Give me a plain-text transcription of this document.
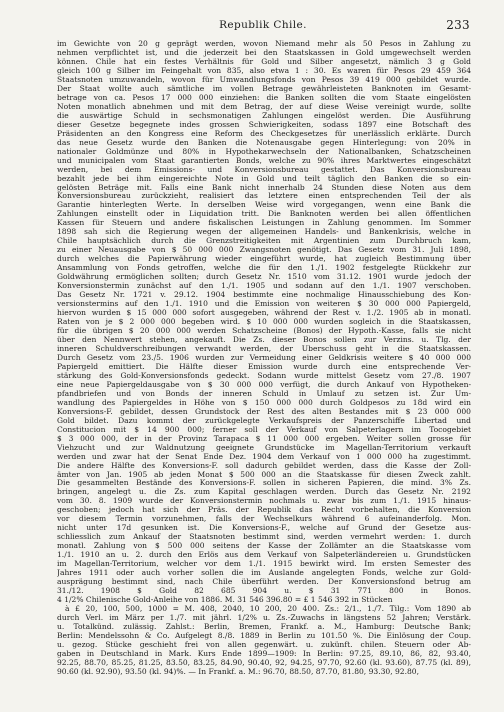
Republik Chile.	233
im Gewichte von 20 g geprägt werden, wovon Niemand mehr als 50 Pesos in Zahlung zu
nehmen verpflichtet ist, und die jederzeit bei den Staatskassen in Gold umgewechselt werden
können. Chile hat ein festes Verhältnis für Gold und Silber angesetzt, nämlich 3 g Gold
gleich 100 g Silber im Feingehalt von 835, also etwa 1 : 30. Es waren für Pesos 29 459 364
Staatsnoten umzuwandeln, wovon für Umwandlungsfonds von Pesos 39 419 000 gebildet wurde.
Der Staat wollte auch sämtliche im vollen Betrage gewährleisteten Banknoten im Gesamt-
betrage von ca. Pesos 17 000 000 einziehen: die Banken sollten die vom Staate eingelösten
Noten monatlich abnehmen und mit dem Betrag, der auf diese Weise vereinigt wurde, sollte
die auswärtige Schuld in sechsmonatigen Zahlungen eingelöst werden. Die Ausführung
dieser Gesetze begegnete indes grossen Schwierigkeiten, sodass 1897 eine Botschaft des
Präsidenten an den Kongress eine Reform des Checkgesetzes für unerlässlich erklärte. Durch
das neue Gesetz wurde den Banken die Notenausgabe gegen Hinterlegung: von 20% in
nationaler Goldmünze und 80% in Hypothekarwechseln der Nationalbanken, Schatzscheinen
und municipalen vom Staat garantierten Bonds, welche zu 90% ihres Marktwertes eingeschätzt
werden, bei dem Emissions- und Konversionsbureau gestattet. Das Konversionsbureau
bezahlt jede bei ihm eingereichte Note in Gold und teilt täglich den Banken die so ein-
gelösten Beträge mit. Falls eine Bank nicht innerhalb 24 Stunden diese Noten aus dem
Konversionsbureau zurückzieht, realisiert das letztere einen entsprechenden Teil der als
Garantie hinterlegten Werte. In derselben Weise wird vorgegangen, wenn eine Bank die
Zahlungen einstellt oder in Liquidation tritt. Die Banknoten werden bei allen öffentlichen
Kassen für Steuern und andere fiskalischen Leistungen in Zahlung genommen. Im Sommer
1898 sah sich die Regierung wegen der allgemeinen Handels- und Bankenkrisis, welche in
Chile hauptsächlich durch die Grenzstreitigkeiten mit Argentinien zum Durchbruch kam,
zu einer Neuausgabe von $ 50 000 000 Zwangsnoten genötigt. Das Gesetz vom 31. Juli 1898,
durch welches die Papierwährung wieder eingeführt wurde, hat zugleich Bestimmung über
Ansammlung von Fonds getroffen, welche die für den 1./1. 1902 festgelegte Rückkehr zur
Goldwährung ermöglichen sollten; durch Gesetz Nr. 1510 vom 31.12. 1901 wurde jedoch der
Konversionstermin zunächst auf den 1./1. 1905 und sodann auf den 1./1. 1907 verschoben.
Das Gesetz Nr. 1721 v. 29.12. 1904 bestimmte eine nochmalige Hinausschiebung des Kon-
versionstermins auf den 1./1. 1910 und die Emission von weiteren $ 30 000 000 Papiergeld,
hiervon wurden $ 15 000 000 sofort ausgegeben, während der Rest v. 1./2. 1905 ab in monatl.
Raten von je $ 2 000 000 begeben wird. $ 10 000 000 wurden sogleich in die Staatskassen,
für die übrigen $ 20 000 000 werden Schatzscheine (Bonos) der Hypoth.-Kasse, falls sie nicht
über den Nennwert stehen, angekauft. Die Zs. dieser Bonos sollen zur Verzins. u. Tlg. der
inneren Schuldverschreibungen verwandt werden, der Überschuss geht in die Staatskassen.
Durch Gesetz vom 23./5. 1906 wurden zur Vermeidung einer Geldkrisis weitere $ 40 000 000
Papiergeld emittiert. Die Hälfte dieser Emission wurde durch eine entsprechende Ver-
stärkung des Gold-Konversionsfonds gedeckt. Sodann wurde mittelst Gesetz vom 27./8. 1907
eine neue Papiergeldausgabe von $ 30 000 000 verfügt, die durch Ankauf von Hypotheken-
pfandbriefen und von Bonds der inneren Schuld in Umlauf zu setzen ist. Zur Um-
wandlung des Papiergeldes in Höhe von $ 150 000 000 durch Goldpesos zu 18d wird ein
Konversions-F. gebildet, dessen Grundstock der Rest des alten Bestandes mit $ 23 000 000
Gold bildet. Dazu kommt der zurückgelegte Verkaufspreis der Panzerschiffe Libertad und
Constitucion mit $ 14 900 000; ferner soll der Verkauf von Salpeterlagern im Tocogebiet
$ 3 000 000, der in der Provinz Tarapaca $ 11 000 000 ergeben. Weiter sollen grosse für
Viehzucht und zur Waldnutzung geeignete Grundstücke im Magellan-Territorium verkauft
werden und zwar hat der Senat Ende Dez. 1904 dem Verkauf von 1 000 000 ha zugestimmt.
Die andere Hälfte des Konversions-F. soll dadurch gebildet werden, dass die Kasse der Zoll-
ämter von Jan. 1905 ab jeden Monat $ 500 000 an die Staatskasse für diesen Zweck zahlt.
Die gesammelten Bestände des Konversions-F. sollen in sicheren Papieren, die mind. 3% Zs.
bringen, angelegt u. die Zs. zum Kapital geschlagen werden. Durch das Gesetz Nr. 2192
vom 30. 8. 1909 wurde der Konversionstermin nochmals u. zwar bis zum 1./1. 1915 hinaus-
geschoben; jedoch hat sich der Präs. der Republik das Recht vorbehalten, die Konversion
vor diesem Termin vorzunehmen, falls der Wechselkurs während 6 aufeinanderfolg. Mon.
nicht unter 17d gesunken ist. Die Konversions-F., welche auf Grund der Gesetze aus-
schliesslich zum Ankauf der Staatsnoten bestimmt sind, werden vermehrt werden: 1. durch
monatl. Zahlung von $ 500 000 seitens der Kasse der Zollämter an die Staatskasse vom
1./1. 1910 an u. 2. durch den Erlös aus dem Verkauf von Salpeterländereien u. Grundstücken
im Magellan-Territorium, welcher vor dem 1./1. 1915 bewirkt wird. Im ersten Semester des
Jahres 1911 oder auch vorher sollen die im Auslande angelegten Fonds, welche zur Gold-
ausprägung bestimmt sind, nach Chile überführt werden. Der Konversionsfond betrug am
31./12. 1908 $ Gold 82 685 904 u. $ 31 771 800 in Bonos.
4 1/2% Chilenische Gold-Anleihe von 1886. M. 31 546 396.80 = £ 1 546 392 in Stücken
à £ 20, 100, 500, 1000 = M. 408, 2040, 10 200, 20 400. Zs.: 2/1., 1./7. Tilg.: Vom 1890 ab
durch Verl. im März per 1./7. mit jährl. 1/2% u. Zs.-Zuwachs in längstens 52 Jahren; Verstärk.
u. Totalkünd. zulässig. Zahlst.: Berlin, Bremen, Frankf. a. M., Hamburg: Deutsche Bank;
Berlin: Mendelssohn & Co. Aufgelegt 8./8. 1889 in Berlin zu 101.50 %. Die Einlösung der Coup.
u. gezog. Stücke geschieht frei von allen gegenwärt. u. zukünft. chilen. Steuern oder Ab-
gaben in Deutschland in Mark. Kurs Ende 1899—1909: In Berlin: 97.25, 89.10, 86, 82, 93.40,
92.25, 88.70, 85.25, 81.25, 83.50, 83.25, 84.90, 90.40, 92, 94.25, 97.70, 92.60 (kl. 93.60), 87.75 (kl. 89),
90.60 (kl. 92.90), 93.50 (kl. 94)%. — In Frankf. a. M.: 96.70, 88.50, 87.70, 81.80, 93.30, 92.80,
